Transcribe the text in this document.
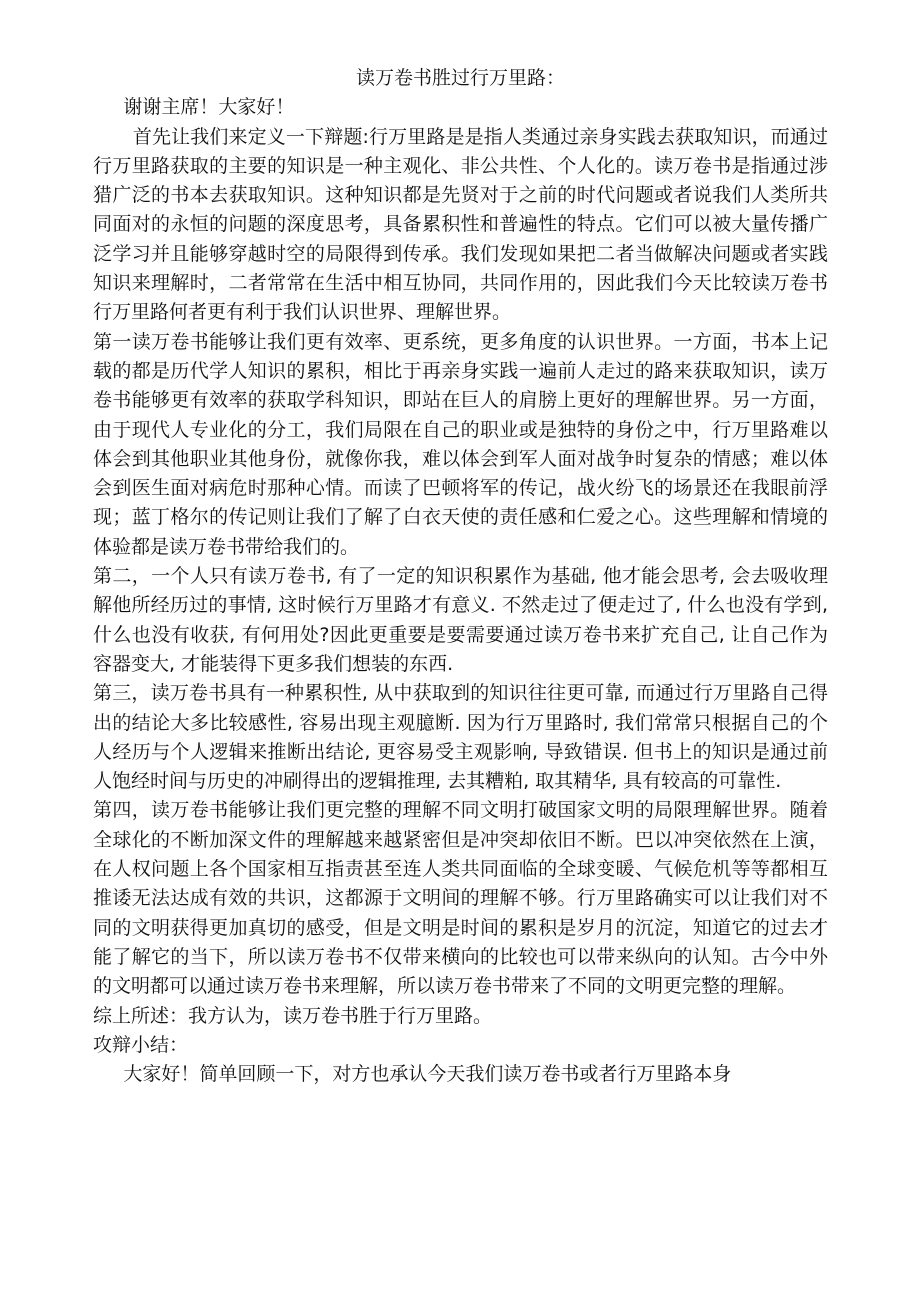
读万卷书胜过行万里路：

谢谢主席！大家好！

首先让我们来定义一下辩题:行万里路是是指人类通过亲身实践去获取知识，而通过行万里路获取的主要的知识是一种主观化、非公共性、个人化的。读万卷书是指通过涉猎广泛的书本去获取知识。这种知识都是先贤对于之前的时代问题或者说我们人类所共同面对的永恒的问题的深度思考，具备累积性和普遍性的特点。它们可以被大量传播广泛学习并且能够穿越时空的局限得到传承。我们发现如果把二者当做解决问题或者实践知识来理解时，二者常常在生活中相互协同，共同作用的，因此我们今天比较读万卷书行万里路何者更有利于我们认识世界、理解世界。

第一读万卷书能够让我们更有效率、更系统，更多角度的认识世界。一方面，书本上记载的都是历代学人知识的累积，相比于再亲身实践一遍前人走过的路来获取知识，读万卷书能够更有效率的获取学科知识，即站在巨人的肩膀上更好的理解世界。另一方面，由于现代人专业化的分工，我们局限在自己的职业或是独特的身份之中，行万里路难以体会到其他职业其他身份，就像你我，难以体会到军人面对战争时复杂的情感；难以体会到医生面对病危时那种心情。而读了巴顿将军的传记，战火纷飞的场景还在我眼前浮现；蓝丁格尔的传记则让我们了解了白衣天使的责任感和仁爱之心。这些理解和情境的体验都是读万卷书带给我们的。

第二，一个人只有读万卷书, 有了一定的知识积累作为基础, 他才能会思考, 会去吸收理解他所经历过的事情, 这时候行万里路才有意义. 不然走过了便走过了, 什么也没有学到, 什么也没有收获, 有何用处?因此更重要是要需要通过读万卷书来扩充自己, 让自己作为容器变大, 才能装得下更多我们想装的东西.

第三，读万卷书具有一种累积性, 从中获取到的知识往往更可靠, 而通过行万里路自己得出的结论大多比较感性, 容易出现主观臆断. 因为行万里路时, 我们常常只根据自己的个人经历与个人逻辑来推断出结论, 更容易受主观影响, 导致错误. 但书上的知识是通过前人饱经时间与历史的冲刷得出的逻辑推理, 去其糟粕, 取其精华, 具有较高的可靠性.

第四，读万卷书能够让我们更完整的理解不同文明打破国家文明的局限理解世界。随着全球化的不断加深文件的理解越来越紧密但是冲突却依旧不断。巴以冲突依然在上演，在人权问题上各个国家相互指责甚至连人类共同面临的全球变暖、气候危机等等都相互推诿无法达成有效的共识，这都源于文明间的理解不够。行万里路确实可以让我们对不同的文明获得更加真切的感受，但是文明是时间的累积是岁月的沉淀，知道它的过去才能了解它的当下，所以读万卷书不仅带来横向的比较也可以带来纵向的认知。古今中外的文明都可以通过读万卷书来理解，所以读万卷书带来了不同的文明更完整的理解。

综上所述：我方认为，读万卷书胜于行万里路。

攻辩小结：

大家好！简单回顾一下，对方也承认今天我们读万卷书或者行万里路本身
